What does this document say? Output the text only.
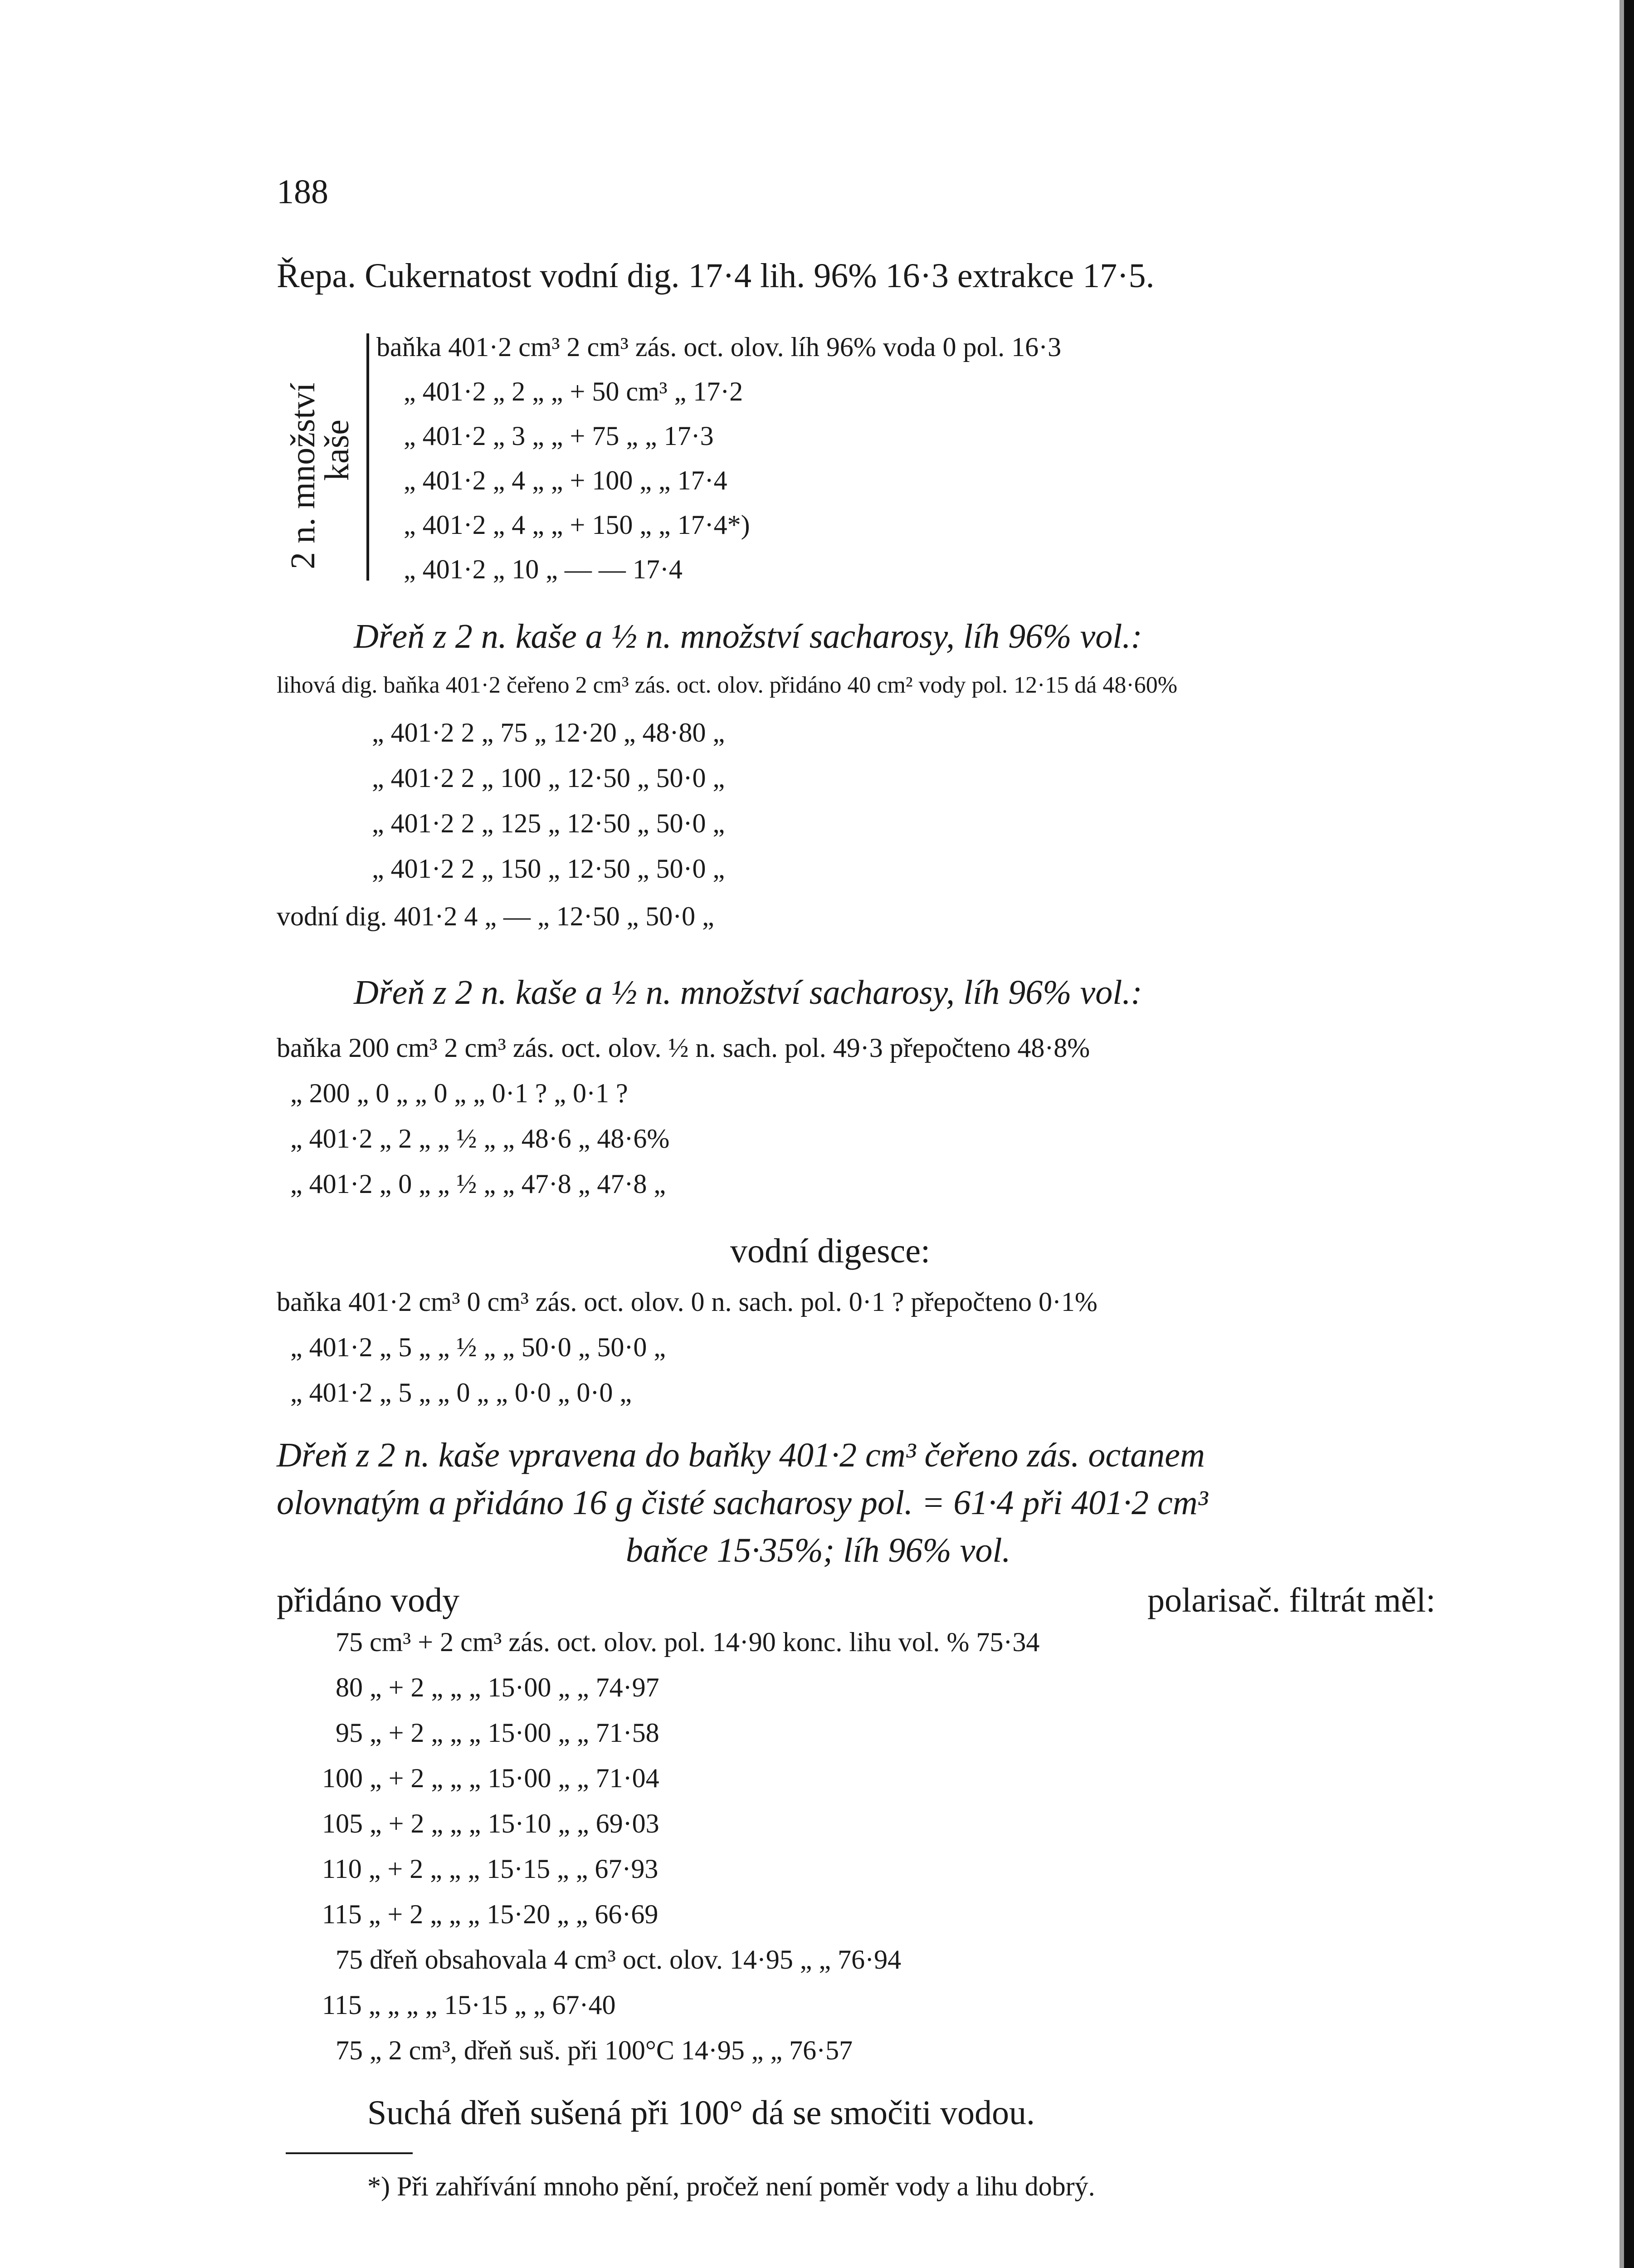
188
Řepa. Cukernatost vodní dig. 17·4 lih. 96% 16·3 extrakce 17·5.
2 n. množství
kaše
baňka 401·2 cm³ 2 cm³ zás. oct. olov. líh 96% voda 0 pol. 16·3
„ 401·2 „ 2 „ „ + 50 cm³ „ 17·2
„ 401·2 „ 3 „ „ + 75 „ „ 17·3
„ 401·2 „ 4 „ „ + 100 „ „ 17·4
„ 401·2 „ 4 „ „ + 150 „ „ 17·4*)
„ 401·2 „ 10 „ — — 17·4
Dřeň z 2 n. kaše a ½ n. množství sacharosy, líh 96% vol.:
lihová dig. baňka 401·2 čeřeno 2 cm³ zás. oct. olov. přidáno 40 cm² vody pol. 12·15 dá 48·60%
„ 401·2 2 „ 75 „ 12·20 „ 48·80 „
„ 401·2 2 „ 100 „ 12·50 „ 50·0 „
„ 401·2 2 „ 125 „ 12·50 „ 50·0 „
„ 401·2 2 „ 150 „ 12·50 „ 50·0 „
vodní dig. 401·2 4 „ — „ 12·50 „ 50·0 „
Dřeň z 2 n. kaše a ½ n. množství sacharosy, líh 96% vol.:
baňka 200 cm³ 2 cm³ zás. oct. olov. ½ n. sach. pol. 49·3 přepočteno 48·8%
„ 200 „ 0 „ „ 0 „ „ 0·1 ? „ 0·1 ?
„ 401·2 „ 2 „ „ ½ „ „ 48·6 „ 48·6%
„ 401·2 „ 0 „ „ ½ „ „ 47·8 „ 47·8 „
vodní digesce:
baňka 401·2 cm³ 0 cm³ zás. oct. olov. 0 n. sach. pol. 0·1 ? přepočteno 0·1%
„ 401·2 „ 5 „ „ ½ „ „ 50·0 „ 50·0 „
„ 401·2 „ 5 „ „ 0 „ „ 0·0 „ 0·0 „
Dřeň z 2 n. kaše vpravena do baňky 401·2 cm³ čeřeno zás. octanem
olovnatým a přidáno 16 g čisté sacharosy pol. = 61·4 při 401·2 cm³
baňce 15·35%; líh 96% vol.
přidáno vody	polarisač. filtrát měl:
75 cm³ + 2 cm³ zás. oct. olov. pol. 14·90 konc. lihu vol. % 75·34
80 „ + 2 „ „ „ 15·00 „ „ 74·97
95 „ + 2 „ „ „ 15·00 „ „ 71·58
100 „ + 2 „ „ „ 15·00 „ „ 71·04
105 „ + 2 „ „ „ 15·10 „ „ 69·03
110 „ + 2 „ „ „ 15·15 „ „ 67·93
115 „ + 2 „ „ „ 15·20 „ „ 66·69
75 dřeň obsahovala 4 cm³ oct. olov. 14·95 „ „ 76·94
115 „ „ „ „ 15·15 „ „ 67·40
75 „ 2 cm³, dřeň suš. při 100°C 14·95 „ „ 76·57
Suchá dřeň sušená při 100° dá se smočiti vodou.
*) Při zahřívání mnoho pění, pročež není poměr vody a lihu dobrý.
